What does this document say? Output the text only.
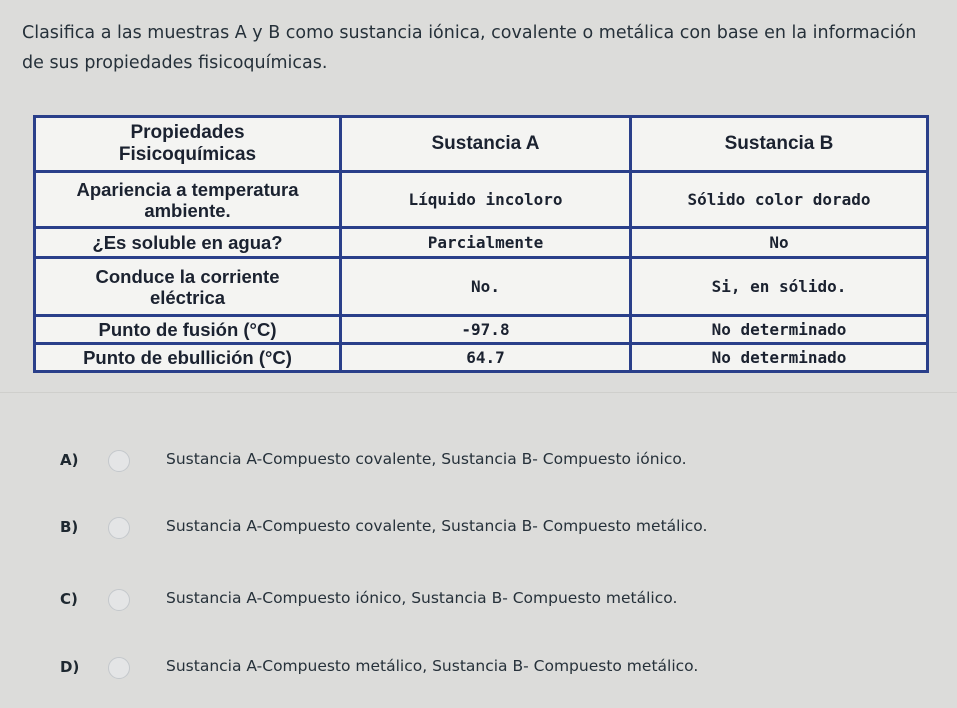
Clasifica a las muestras A y B como sustancia iónica, covalente o metálica con base en la información de sus propiedades fisicoquímicas.
Propiedades Fisicoquímicas	Sustancia A	Sustancia B
Apariencia a temperatura ambiente.	Líquido incoloro	Sólido color dorado
¿Es soluble en agua?	Parcialmente	No
Conduce la corriente eléctrica	No.	Si, en sólido.
Punto de fusión (°C)	-97.8	No determinado
Punto de ebullición (°C)	64.7	No determinado
A)	Sustancia A-Compuesto covalente, Sustancia B- Compuesto iónico.
B)	Sustancia A-Compuesto covalente, Sustancia B- Compuesto metálico.
C)	Sustancia A-Compuesto iónico, Sustancia B- Compuesto metálico.
D)	Sustancia A-Compuesto metálico, Sustancia B- Compuesto metálico.
